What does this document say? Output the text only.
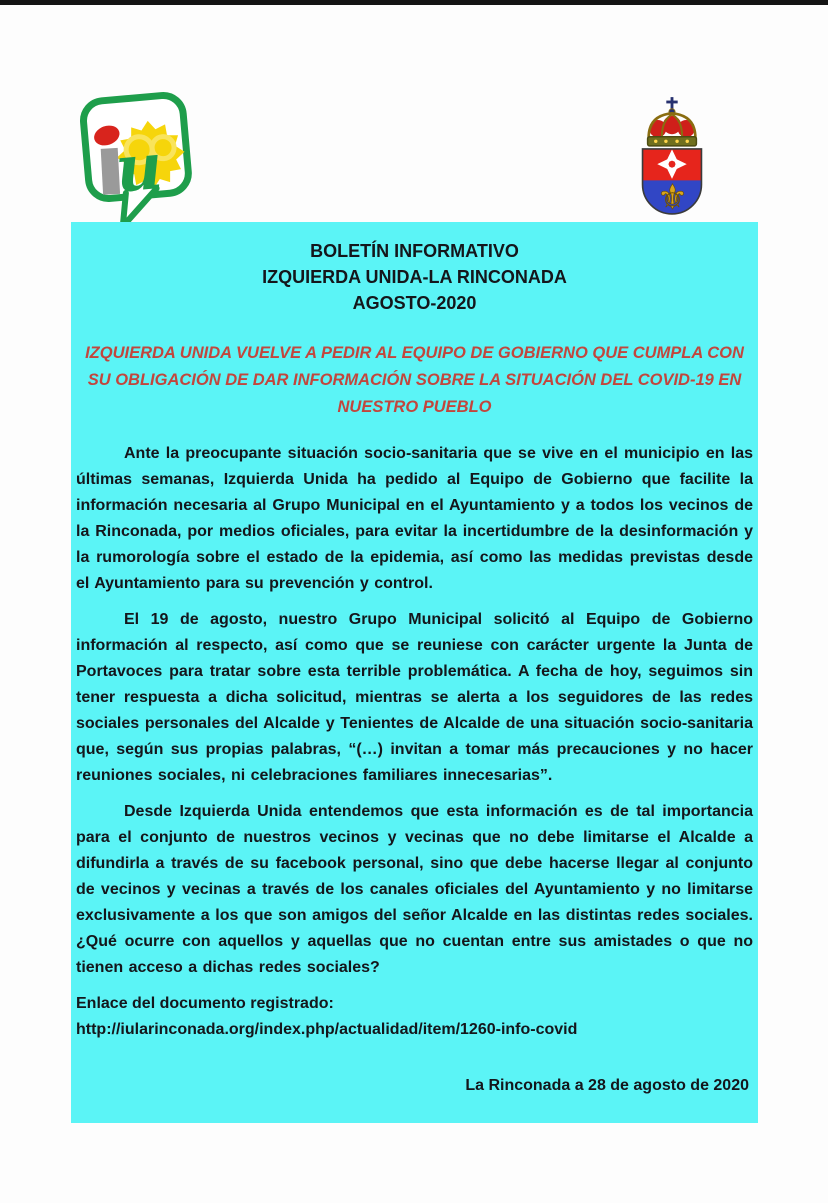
u	⚜
BOLETÍN INFORMATIVO
IZQUIERDA UNIDA-LA RINCONADA
AGOSTO-2020
IZQUIERDA UNIDA VUELVE A PEDIR AL EQUIPO DE GOBIERNO QUE CUMPLA CON SU OBLIGACIÓN DE DAR INFORMACIÓN SOBRE LA SITUACIÓN DEL COVID-19 EN NUESTRO PUEBLO

Ante la preocupante situación socio-sanitaria que se vive en el municipio en las últimas semanas, Izquierda Unida ha pedido al Equipo de Gobierno que facilite la información necesaria al Grupo Municipal en el Ayuntamiento y a todos los vecinos de la Rinconada, por medios oficiales, para evitar la incertidumbre de la desinformación y la rumorología sobre el estado de la epidemia, así como las medidas previstas desde el Ayuntamiento para su prevención y control.

El 19 de agosto, nuestro Grupo Municipal solicitó al Equipo de Gobierno información al respecto, así como que se reuniese con carácter urgente la Junta de Portavoces para tratar sobre esta terrible problemática. A fecha de hoy, seguimos sin tener respuesta a dicha solicitud, mientras se alerta a los seguidores de las redes sociales personales del Alcalde y Tenientes de Alcalde de una situación socio-sanitaria que, según sus propias palabras, “(…) invitan a tomar más precauciones y no hacer reuniones sociales, ni celebraciones familiares innecesarias”.

Desde Izquierda Unida entendemos que esta información es de tal importancia para el conjunto de nuestros vecinos y vecinas que no debe limitarse el Alcalde a difundirla a través de su facebook personal, sino que debe hacerse llegar al conjunto de vecinos y vecinas a través de los canales oficiales del Ayuntamiento y no limitarse exclusivamente a los que son amigos del señor Alcalde en las distintas redes sociales. ¿Qué ocurre con aquellos y aquellas que no cuentan entre sus amistades o que no tienen acceso a dichas redes sociales?

Enlace del documento registrado:
http://iularinconada.org/index.php/actualidad/item/1260-info-covid
La Rinconada a 28 de agosto de 2020
